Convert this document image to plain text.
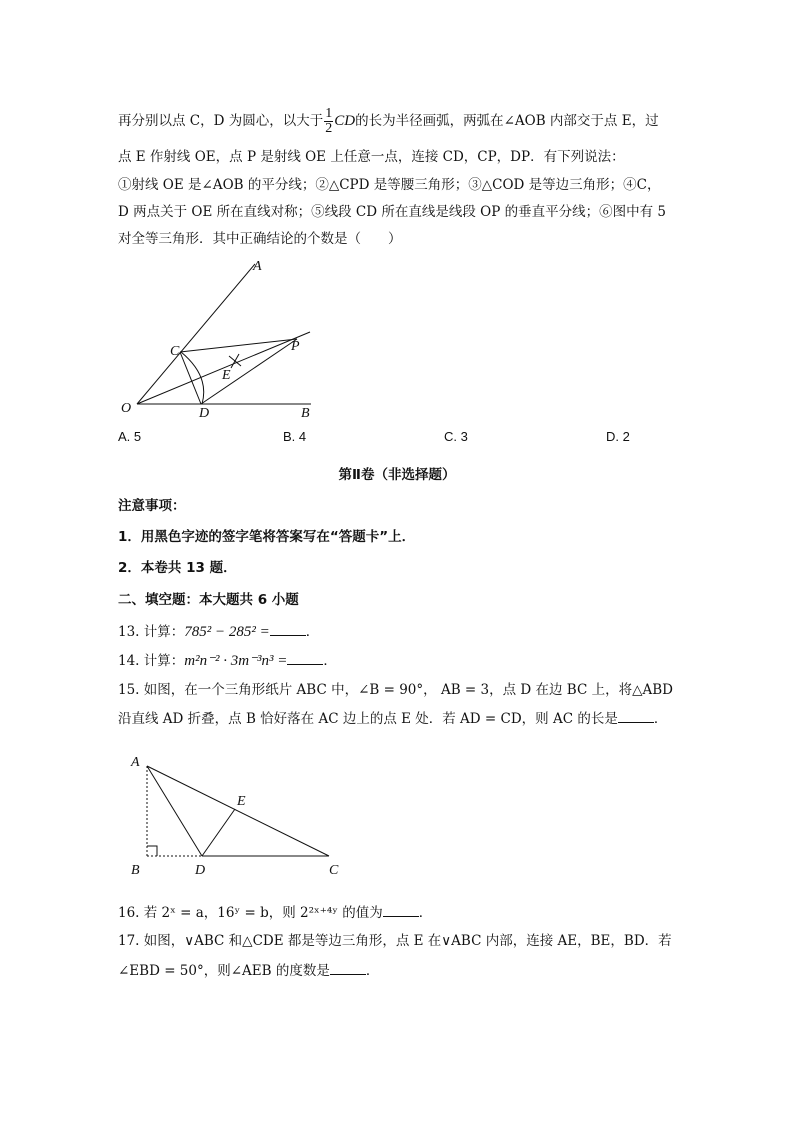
再分别以点 C，D 为圆心，以大于 $\frac{1}{2}$ CD的长为半径画弧，两弧在∠AOB 内部交于点 E，过
点 E 作射线 OE，点 P 是射线 OE 上任意一点，连接 CD，CP，DP．有下列说法：
①射线 OE 是∠AOB 的平分线；②△CPD 是等腰三角形；③△COD 是等边三角形；④C，
D 两点关于 OE 所在直线对称；⑤线段 CD 所在直线是线段 OP 的垂直平分线；⑥图中有 5
对全等三角形．其中正确结论的个数是（　　）
A
C	P
E
O	D	B
A. 5	B. 4	C. 3	D. 2
第Ⅱ卷（非选择题）
注意事项：
1．用黑色字迹的签字笔将答案写在“答题卡”上．
2．本卷共 13 题．
二、填空题：本大题共 6 小题
13. 计算：785² − 285² =	．
14. 计算：m²n⁻² · 3m⁻³n³ =	．
15. 如图，在一个三角形纸片 ABC 中，∠B = 90°， AB = 3，点 D 在边 BC 上，将△ABD
沿直线 AD 折叠，点 B 恰好落在 AC 边上的点 E 处．若 AD = CD，则 AC 的长是	．
A
E
B	D	C
16. 若 2ˣ = a，16ʸ = b，则 2²ˣ⁺⁴ʸ 的值为	．
17. 如图，∨ABC 和△CDE 都是等边三角形，点 E 在∨ABC 内部，连接 AE，BE，BD．若
∠EBD = 50°，则∠AEB 的度数是	．
